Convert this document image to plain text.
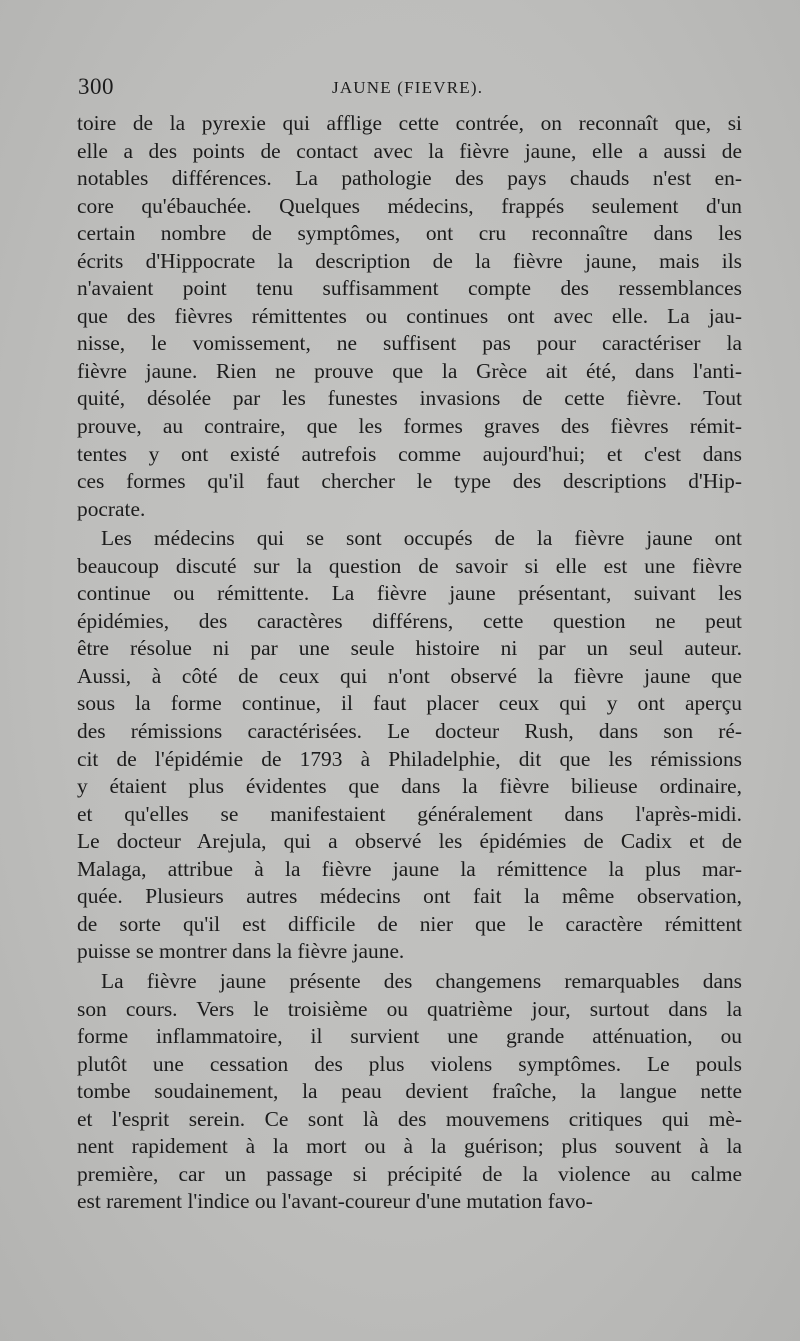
300	JAUNE (FIEVRE).
toire de la pyrexie qui afflige cette contrée, on reconnaît que, si
elle a des points de contact avec la fièvre jaune, elle a aussi de
notables différences. La pathologie des pays chauds n'est en-
core qu'ébauchée. Quelques médecins, frappés seulement d'un
certain nombre de symptômes, ont cru reconnaître dans les
écrits d'Hippocrate la description de la fièvre jaune, mais ils
n'avaient point tenu suffisamment compte des ressemblances
que des fièvres rémittentes ou continues ont avec elle. La jau-
nisse, le vomissement, ne suffisent pas pour caractériser la
fièvre jaune. Rien ne prouve que la Grèce ait été, dans l'anti-
quité, désolée par les funestes invasions de cette fièvre. Tout
prouve, au contraire, que les formes graves des fièvres rémit-
tentes y ont existé autrefois comme aujourd'hui; et c'est dans
ces formes qu'il faut chercher le type des descriptions d'Hip-
pocrate.
Les médecins qui se sont occupés de la fièvre jaune ont
beaucoup discuté sur la question de savoir si elle est une fièvre
continue ou rémittente. La fièvre jaune présentant, suivant les
épidémies, des caractères différens, cette question ne peut
être résolue ni par une seule histoire ni par un seul auteur.
Aussi, à côté de ceux qui n'ont observé la fièvre jaune que
sous la forme continue, il faut placer ceux qui y ont aperçu
des rémissions caractérisées. Le docteur Rush, dans son ré-
cit de l'épidémie de 1793 à Philadelphie, dit que les rémissions
y étaient plus évidentes que dans la fièvre bilieuse ordinaire,
et qu'elles se manifestaient généralement dans l'après-midi.
Le docteur Arejula, qui a observé les épidémies de Cadix et de
Malaga, attribue à la fièvre jaune la rémittence la plus mar-
quée. Plusieurs autres médecins ont fait la même observation,
de sorte qu'il est difficile de nier que le caractère rémittent
puisse se montrer dans la fièvre jaune.
La fièvre jaune présente des changemens remarquables dans
son cours. Vers le troisième ou quatrième jour, surtout dans la
forme inflammatoire, il survient une grande atténuation, ou
plutôt une cessation des plus violens symptômes. Le pouls
tombe soudainement, la peau devient fraîche, la langue nette
et l'esprit serein. Ce sont là des mouvemens critiques qui mè-
nent rapidement à la mort ou à la guérison; plus souvent à la
première, car un passage si précipité de la violence au calme
est rarement l'indice ou l'avant-coureur d'une mutation favo-
